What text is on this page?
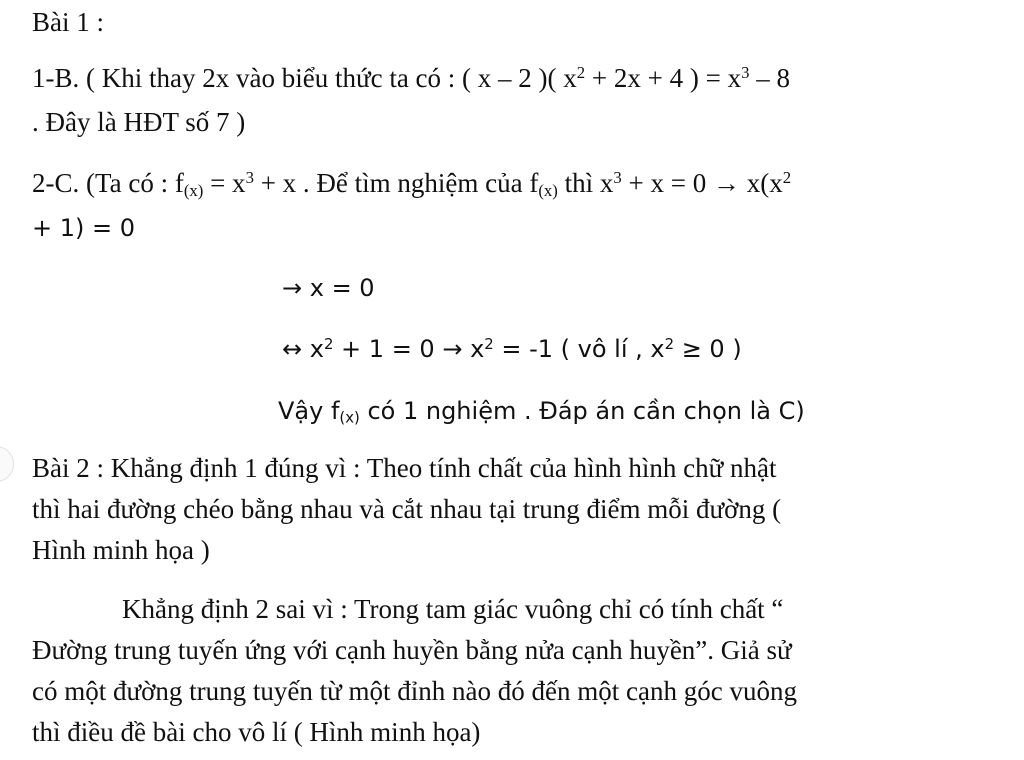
Bài 1 :
1-B. ( Khi thay 2x vào biểu thức ta có : ( x – 2 )( $x^2 + 2x + 4$ ) = $x^3 - 8$
. Đây là HĐT số 7 )
2-C. (Ta có : $f_{(x)} = x^3 + x$ . Để tìm nghiệm của $f_{(x)}$ thì $x^3 + x = 0 \to x(x^2$
+ 1) = 0
→ x = 0
↔ $x^2 + 1 = 0 \to x^2 = -1$ ( vô lí , $x^2 \ge 0$ )
Vậy $f_{(x)}$ có 1 nghiệm . Đáp án cần chọn là C)
Bài 2 : Khẳng định 1 đúng vì : Theo tính chất của hình hình chữ nhật
thì hai đường chéo bằng nhau và cắt nhau tại trung điểm mỗi đường (
Hình minh họa )
Khẳng định 2 sai vì : Trong tam giác vuông chỉ có tính chất “
Đường trung tuyến ứng với cạnh huyền bằng nửa cạnh huyền”. Giả sử
có một đường trung tuyến từ một đỉnh nào đó đến một cạnh góc vuông
thì điều đề bài cho vô lí ( Hình minh họa)
